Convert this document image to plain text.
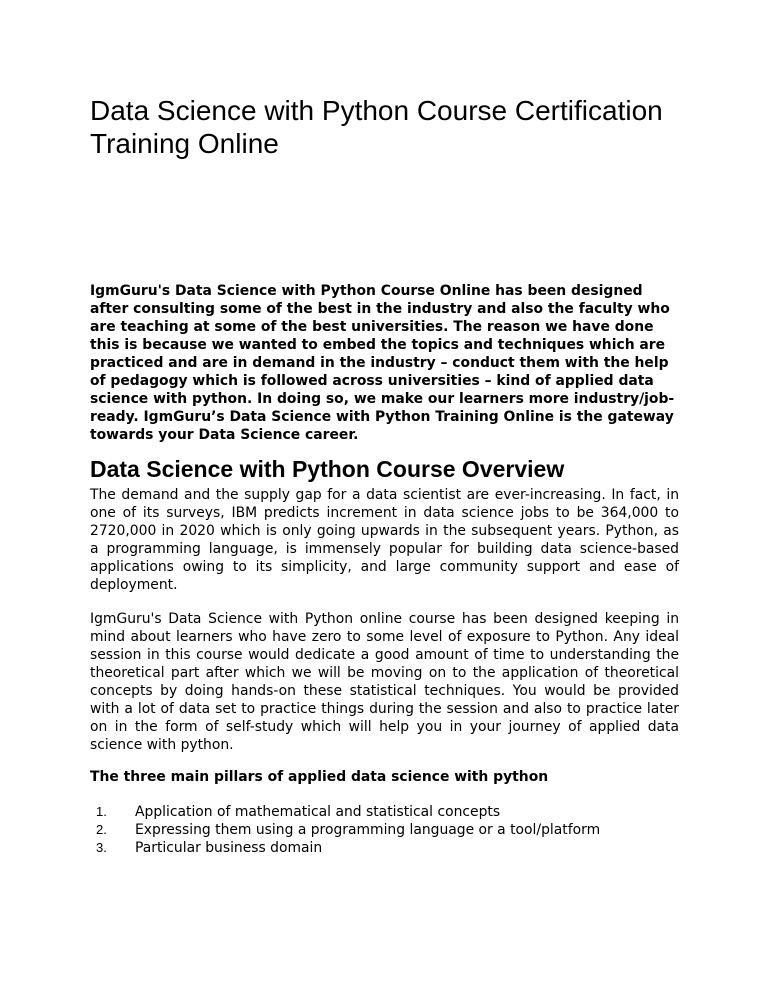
Data Science with Python Course Certification Training Online

IgmGuru's Data Science with Python Course Online has been designed after consulting some of the best in the industry and also the faculty who are teaching at some of the best universities. The reason we have done this is because we wanted to embed the topics and techniques which are practiced and are in demand in the industry – conduct them with the help of pedagogy which is followed across universities – kind of applied data science with python. In doing so, we make our learners more industry/job-ready. IgmGuru’s Data Science with Python Training Online is the gateway towards your Data Science career.

Data Science with Python Course Overview

The demand and the supply gap for a data scientist are ever-increasing. In fact, in one of its surveys, IBM predicts increment in data science jobs to be 364,000 to 2720,000 in 2020 which is only going upwards in the subsequent years. Python, as a programming language, is immensely popular for building data science-based applications owing to its simplicity, and large community support and ease of deployment.

IgmGuru's Data Science with Python online course has been designed keeping in mind about learners who have zero to some level of exposure to Python. Any ideal session in this course would dedicate a good amount of time to understanding the theoretical part after which we will be moving on to the application of theoretical concepts by doing hands-on these statistical techniques. You would be provided with a lot of data set to practice things during the session and also to practice later on in the form of self-study which will help you in your journey of applied data science with python.

The three main pillars of applied data science with python

1. Application of mathematical and statistical concepts
2. Expressing them using a programming language or a tool/platform
3. Particular business domain
